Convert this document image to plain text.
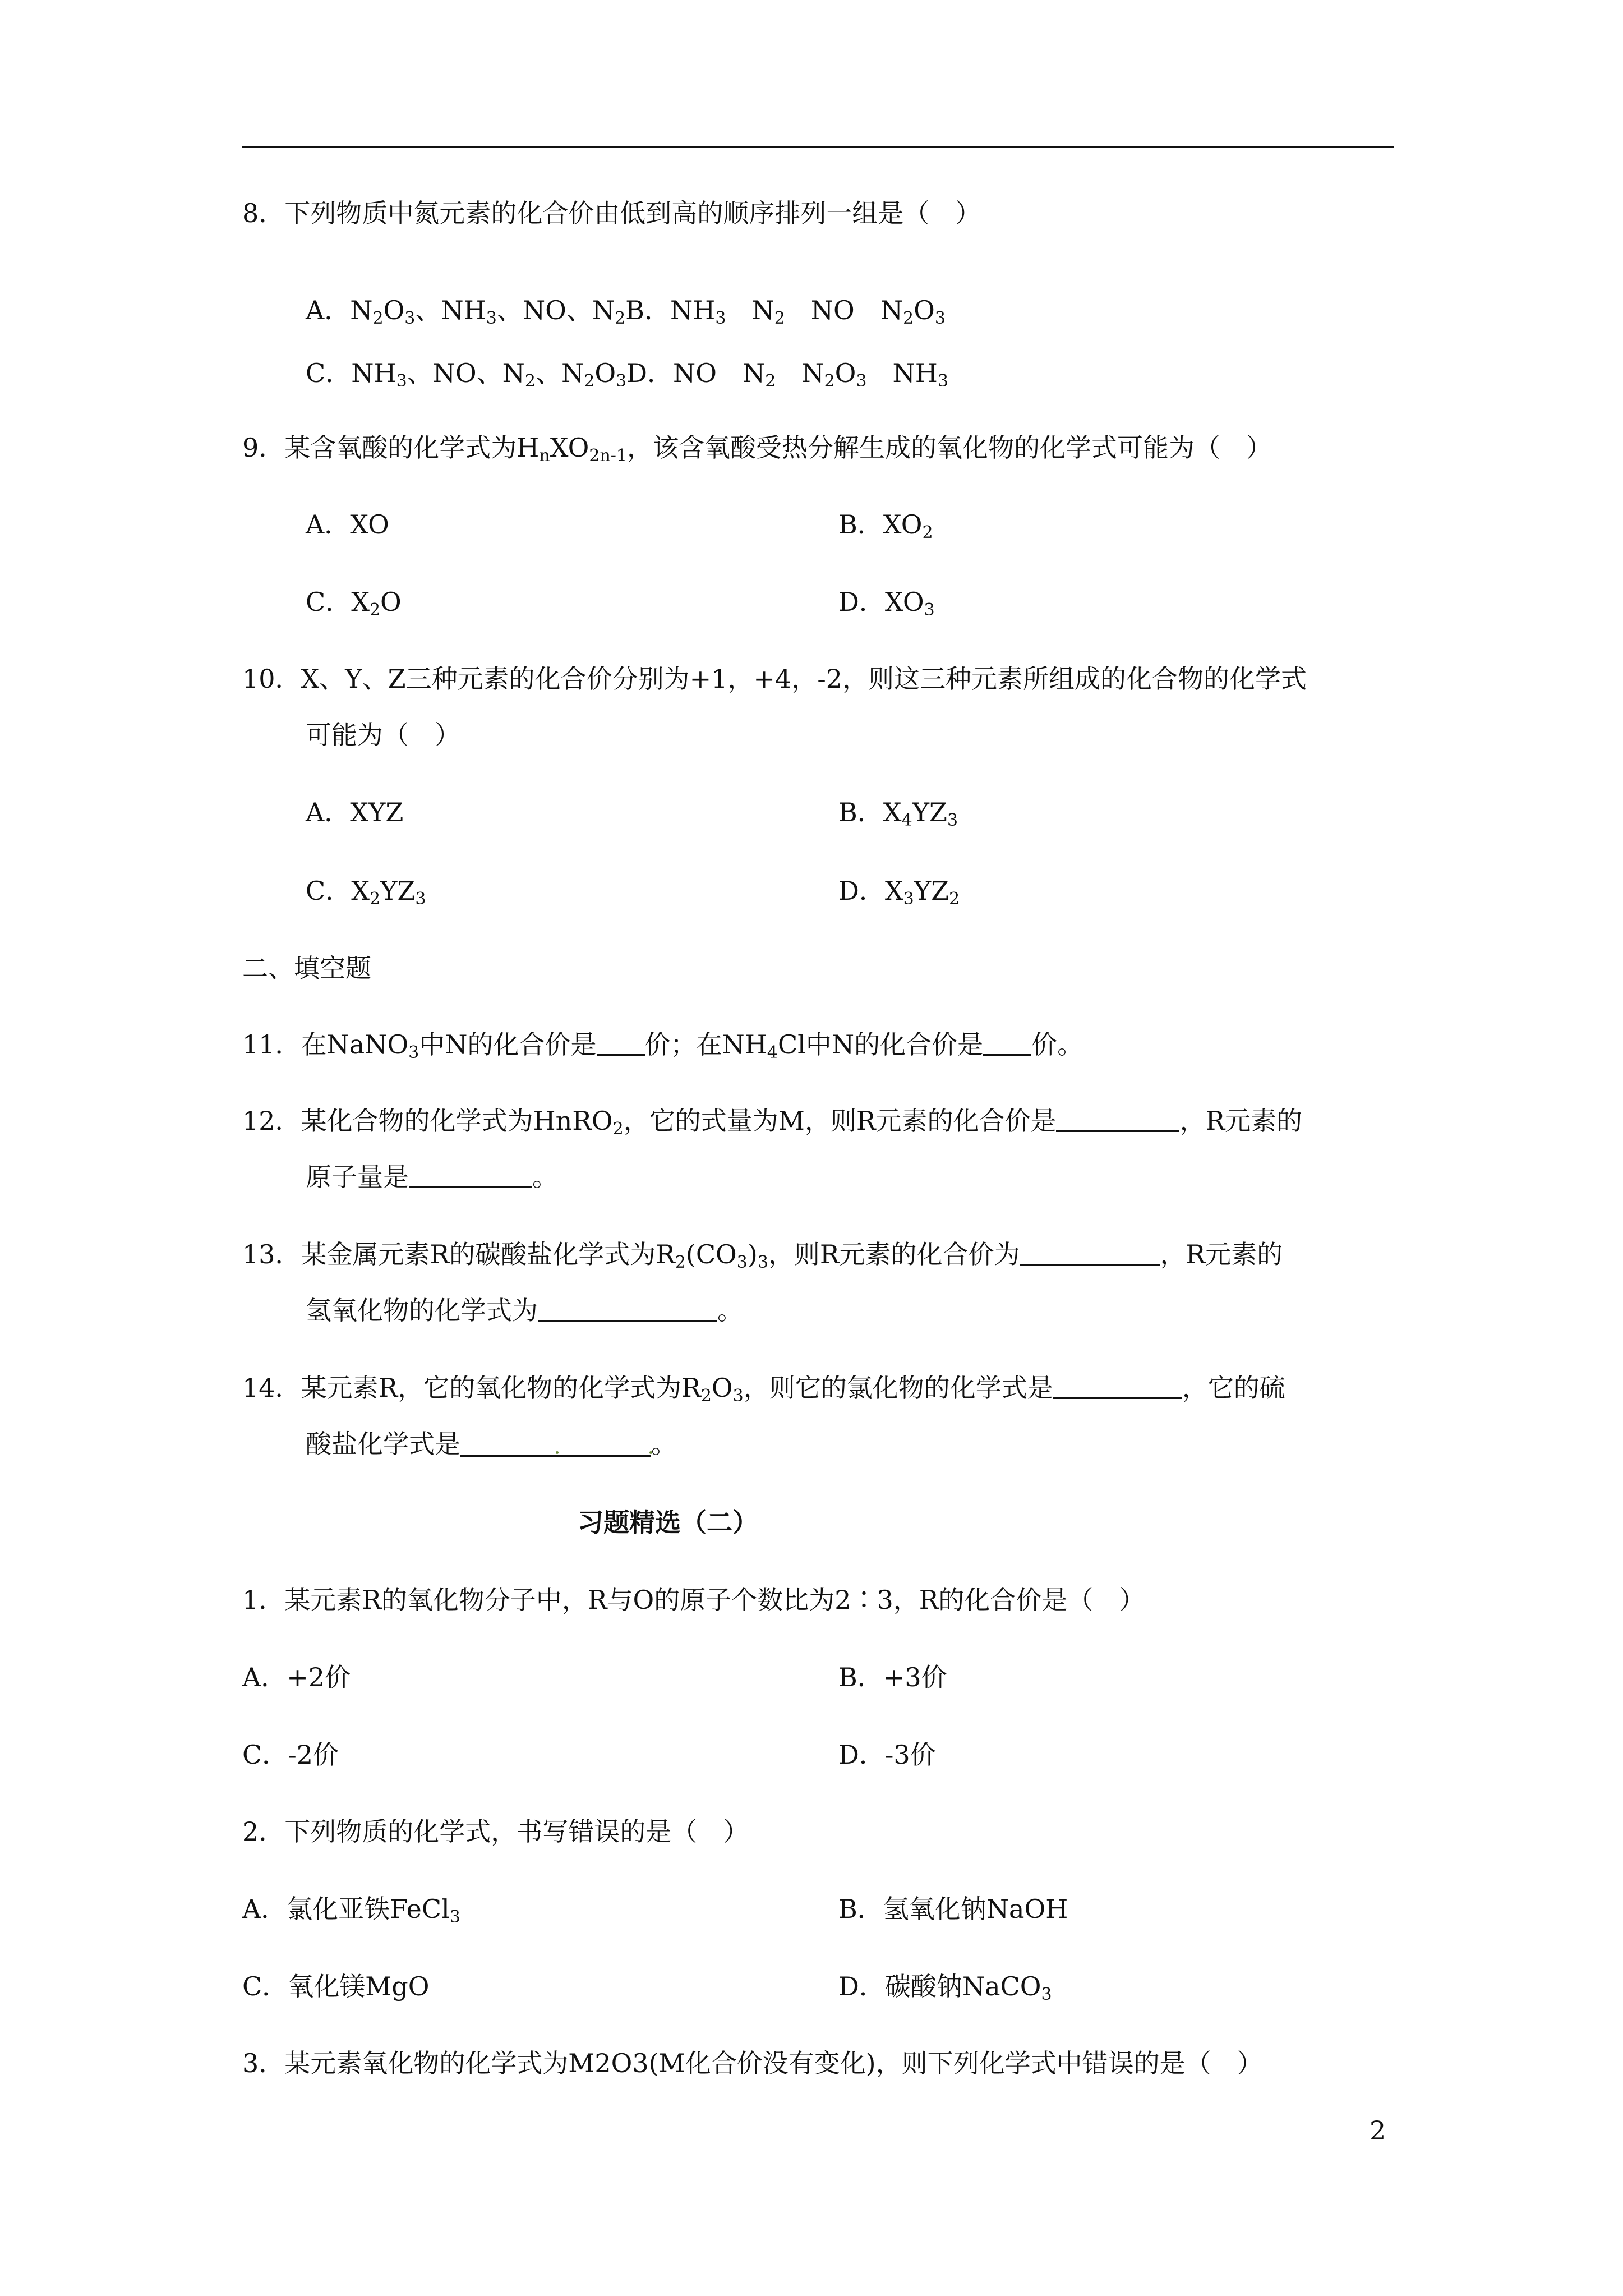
8．下列物质中氮元素的化合价由低到高的顺序排列一组是（　）
A．$N_2O_3$、$NH_3$、NO、$N_2B$．$NH_3$　$N_2$　NO　$N_2O_3$
C．$NH_3$、NO、$N_2$、$N_2O_3D$．NO　$N_2$　$N_2O_3$　$NH_3$
9．某含氧酸的化学式为$H_nXO_{2n-1}$，该含氧酸受热分解生成的氧化物的化学式可能为（　）
A．XO	B．$XO_2$
C．$X_2O$	D．$XO_3$
10．X、Y、Z三种元素的化合价分别为+1，+4，-2，则这三种元素所组成的化合物的化学式
可能为（　）
A．XYZ	B．$X_4YZ_3$
C．$X_2YZ_3$	D．$X_3YZ_2$
二、填空题
11．在NaNO$_3$中N的化合价是 价；在$NH_4Cl$中N的化合价是 价。
12．某化合物的化学式为HnRO$_2$，它的式量为M，则R元素的化合价是	，R元素的
原子量是	。
13．某金属元素R的碳酸盐化学式为$R_2(CO_3)_3$，则R元素的化合价为	，R元素的
氢氧化物的化学式为	。
14．某元素R，它的氧化物的化学式为$R_2O_3$，则它的氯化物的化学式是	，它的硫
酸盐化学式是	。
习题精选（二）
1．某元素R的氧化物分子中，R与O的原子个数比为2∶3，R的化合价是（　）
A．+2价	B．+3价
C．-2价	D．-3价
2．下列物质的化学式，书写错误的是（　）
A．氯化亚铁FeCl$_3$	B．氢氧化钠NaOH
C．氧化镁MgO	D．碳酸钠NaCO$_3$
3．某元素氧化物的化学式为M2O3(M化合价没有变化)，则下列化学式中错误的是（　）
2
